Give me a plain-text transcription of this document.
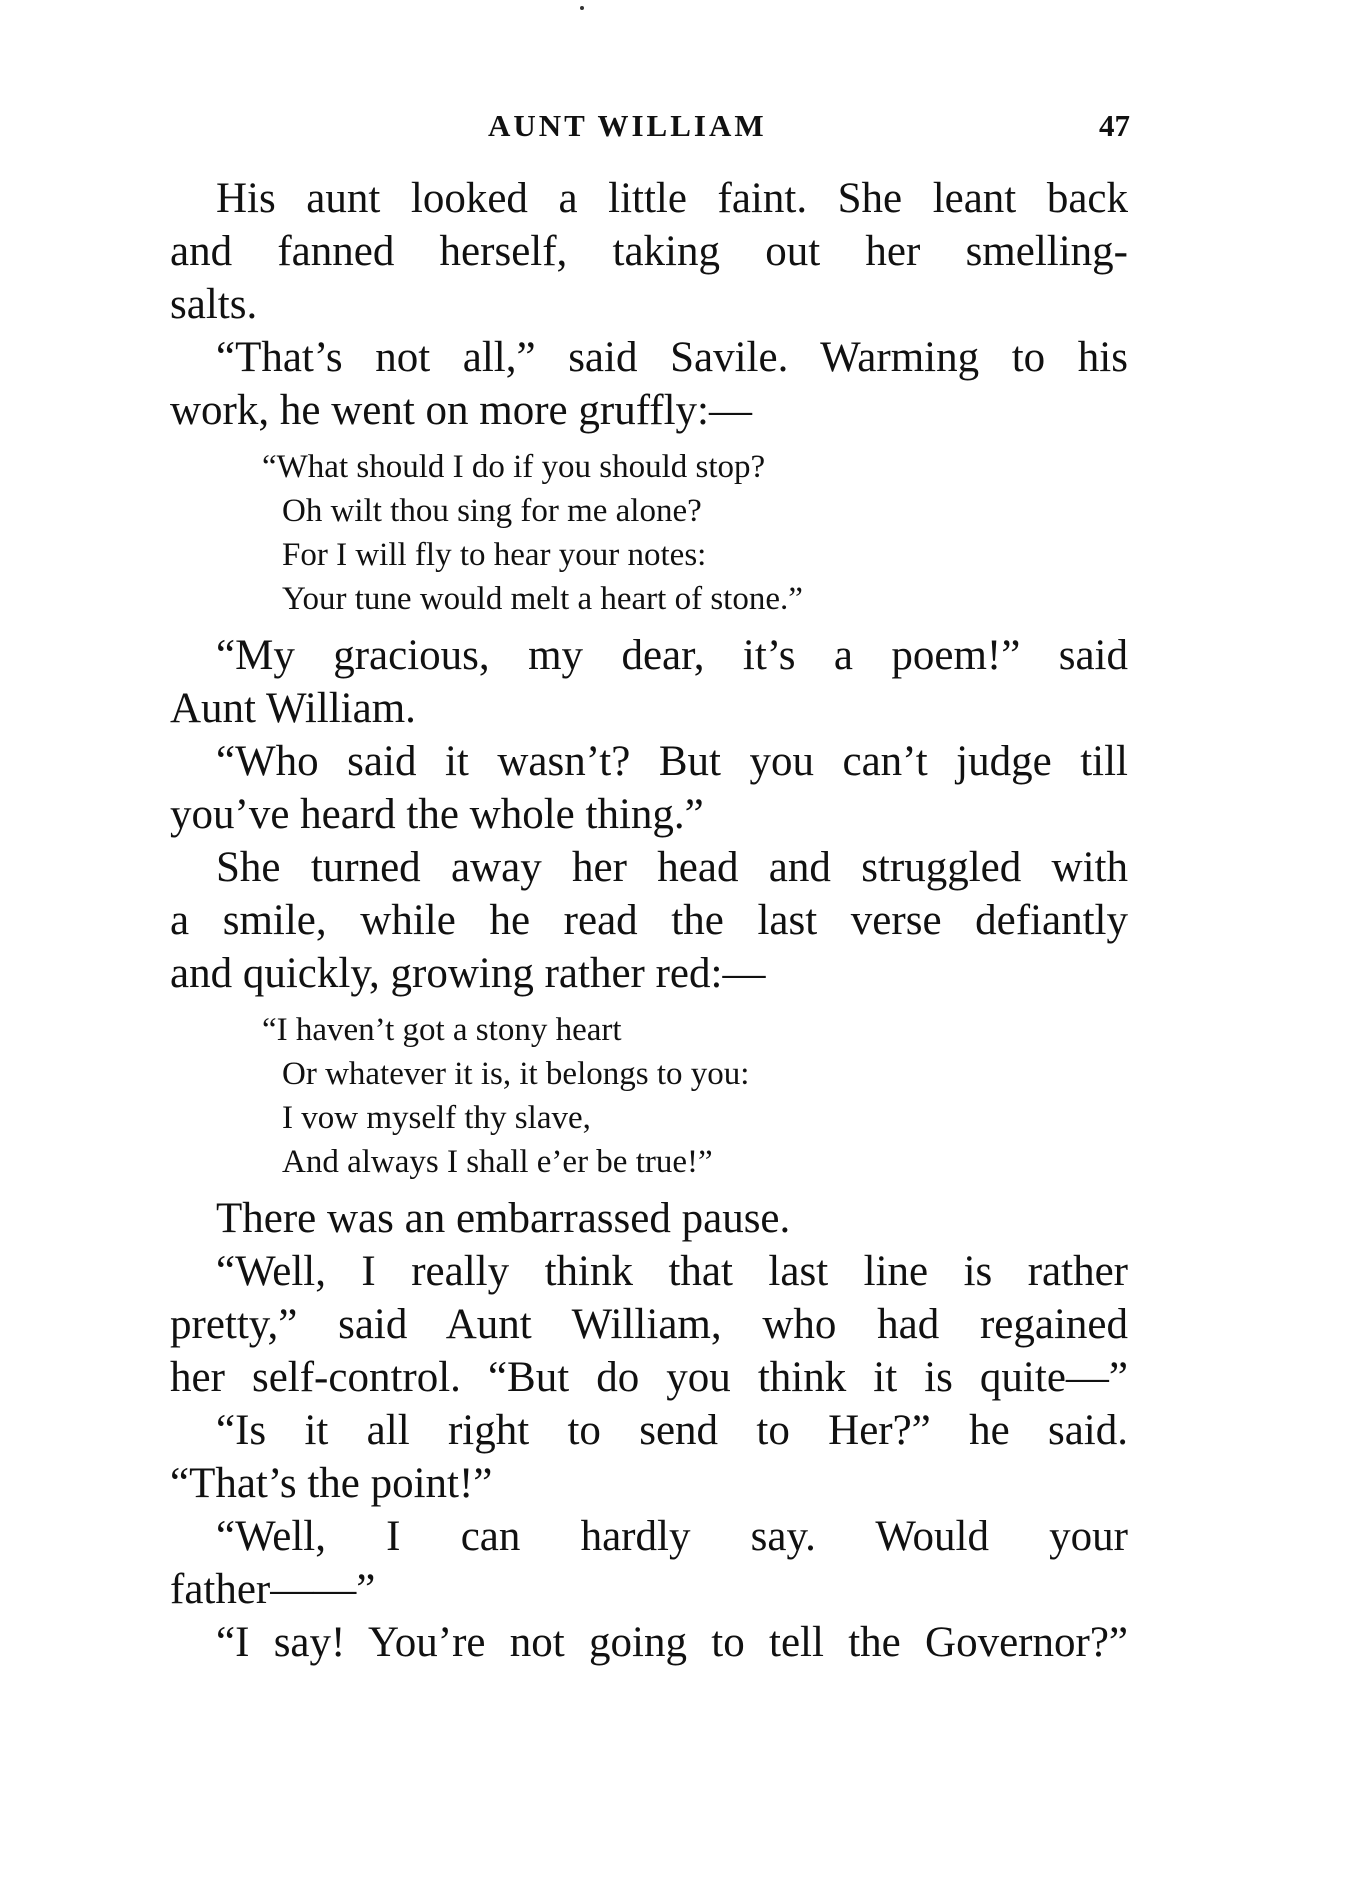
AUNT WILLIAM	47
His aunt looked a little faint. She leant back
and fanned herself, taking out her smelling-
salts.
“That’s not all,” said Savile. Warming to his
work, he went on more gruffly:—
“What should I do if you should stop?
Oh wilt thou sing for me alone?
For I will fly to hear your notes:
Your tune would melt a heart of stone.”
“My gracious, my dear, it’s a poem!” said
Aunt William.
“Who said it wasn’t? But you can’t judge till
you’ve heard the whole thing.”
She turned away her head and struggled with
a smile, while he read the last verse defiantly
and quickly, growing rather red:—
“I haven’t got a stony heart
Or whatever it is, it belongs to you:
I vow myself thy slave,
And always I shall e’er be true!”
There was an embarrassed pause.
“Well, I really think that last line is rather
pretty,” said Aunt William, who had regained
her self-control. “But do you think it is quite—”
“Is it all right to send to Her?” he said.
“That’s the point!”
“Well, I can hardly say. Would your
father——”
“I say! You’re not going to tell the Governor?”
